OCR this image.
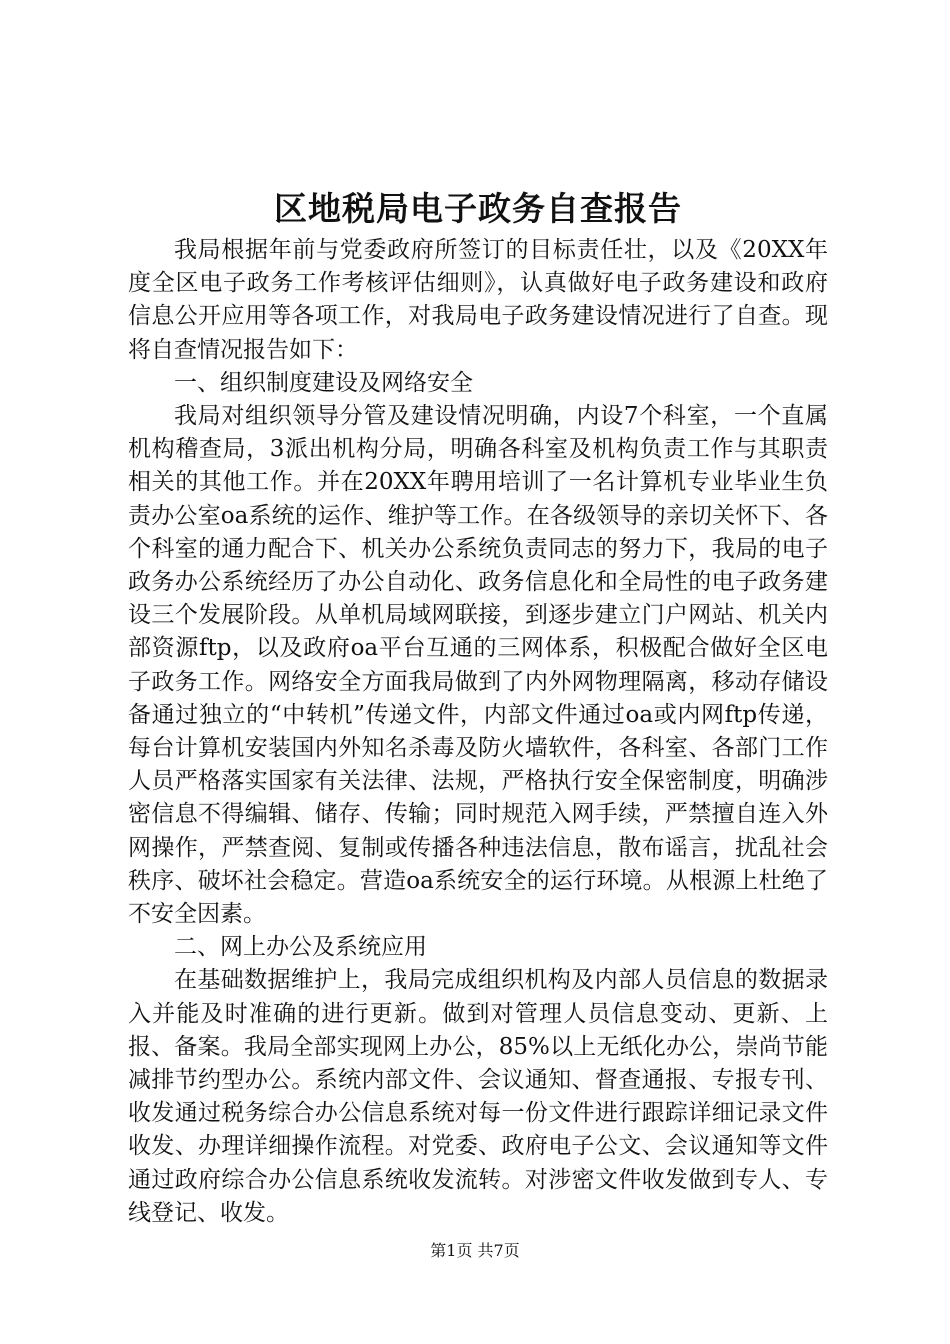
区地税局电子政务自查报告

我局根据年前与党委政府所签订的目标责任壮，以及《20XX年度全区电子政务工作考核评估细则》，认真做好电子政务建设和政府信息公开应用等各项工作，对我局电子政务建设情况进行了自查。现将自查情况报告如下：

一、组织制度建设及网络安全

我局对组织领导分管及建设情况明确，内设7个科室，一个直属机构稽查局，3派出机构分局，明确各科室及机构负责工作与其职责相关的其他工作。并在20XX年聘用培训了一名计算机专业毕业生负责办公室oa系统的运作、维护等工作。在各级领导的亲切关怀下、各个科室的通力配合下、机关办公系统负责同志的努力下，我局的电子政务办公系统经历了办公自动化、政务信息化和全局性的电子政务建设三个发展阶段。从单机局域网联接，到逐步建立门户网站、机关内部资源ftp，以及政府oa平台互通的三网体系，积极配合做好全区电子政务工作。网络安全方面我局做到了内外网物理隔离，移动存储设备通过独立的“中转机”传递文件，内部文件通过oa或内网ftp传递，每台计算机安装国内外知名杀毒及防火墙软件，各科室、各部门工作人员严格落实国家有关法律、法规，严格执行安全保密制度，明确涉密信息不得编辑、储存、传输；同时规范入网手续，严禁擅自连入外网操作，严禁查阅、复制或传播各种违法信息，散布谣言，扰乱社会秩序、破坏社会稳定。营造oa系统安全的运行环境。从根源上杜绝了不安全因素。

二、网上办公及系统应用

在基础数据维护上，我局完成组织机构及内部人员信息的数据录入并能及时准确的进行更新。做到对管理人员信息变动、更新、上报、备案。我局全部实现网上办公，85%以上无纸化办公，崇尚节能减排节约型办公。系统内部文件、会议通知、督查通报、专报专刊、收发通过税务综合办公信息系统对每一份文件进行跟踪详细记录文件收发、办理详细操作流程。对党委、政府电子公文、会议通知等文件通过政府综合办公信息系统收发流转。对涉密文件收发做到专人、专线登记、收发。

第1页 共7页
